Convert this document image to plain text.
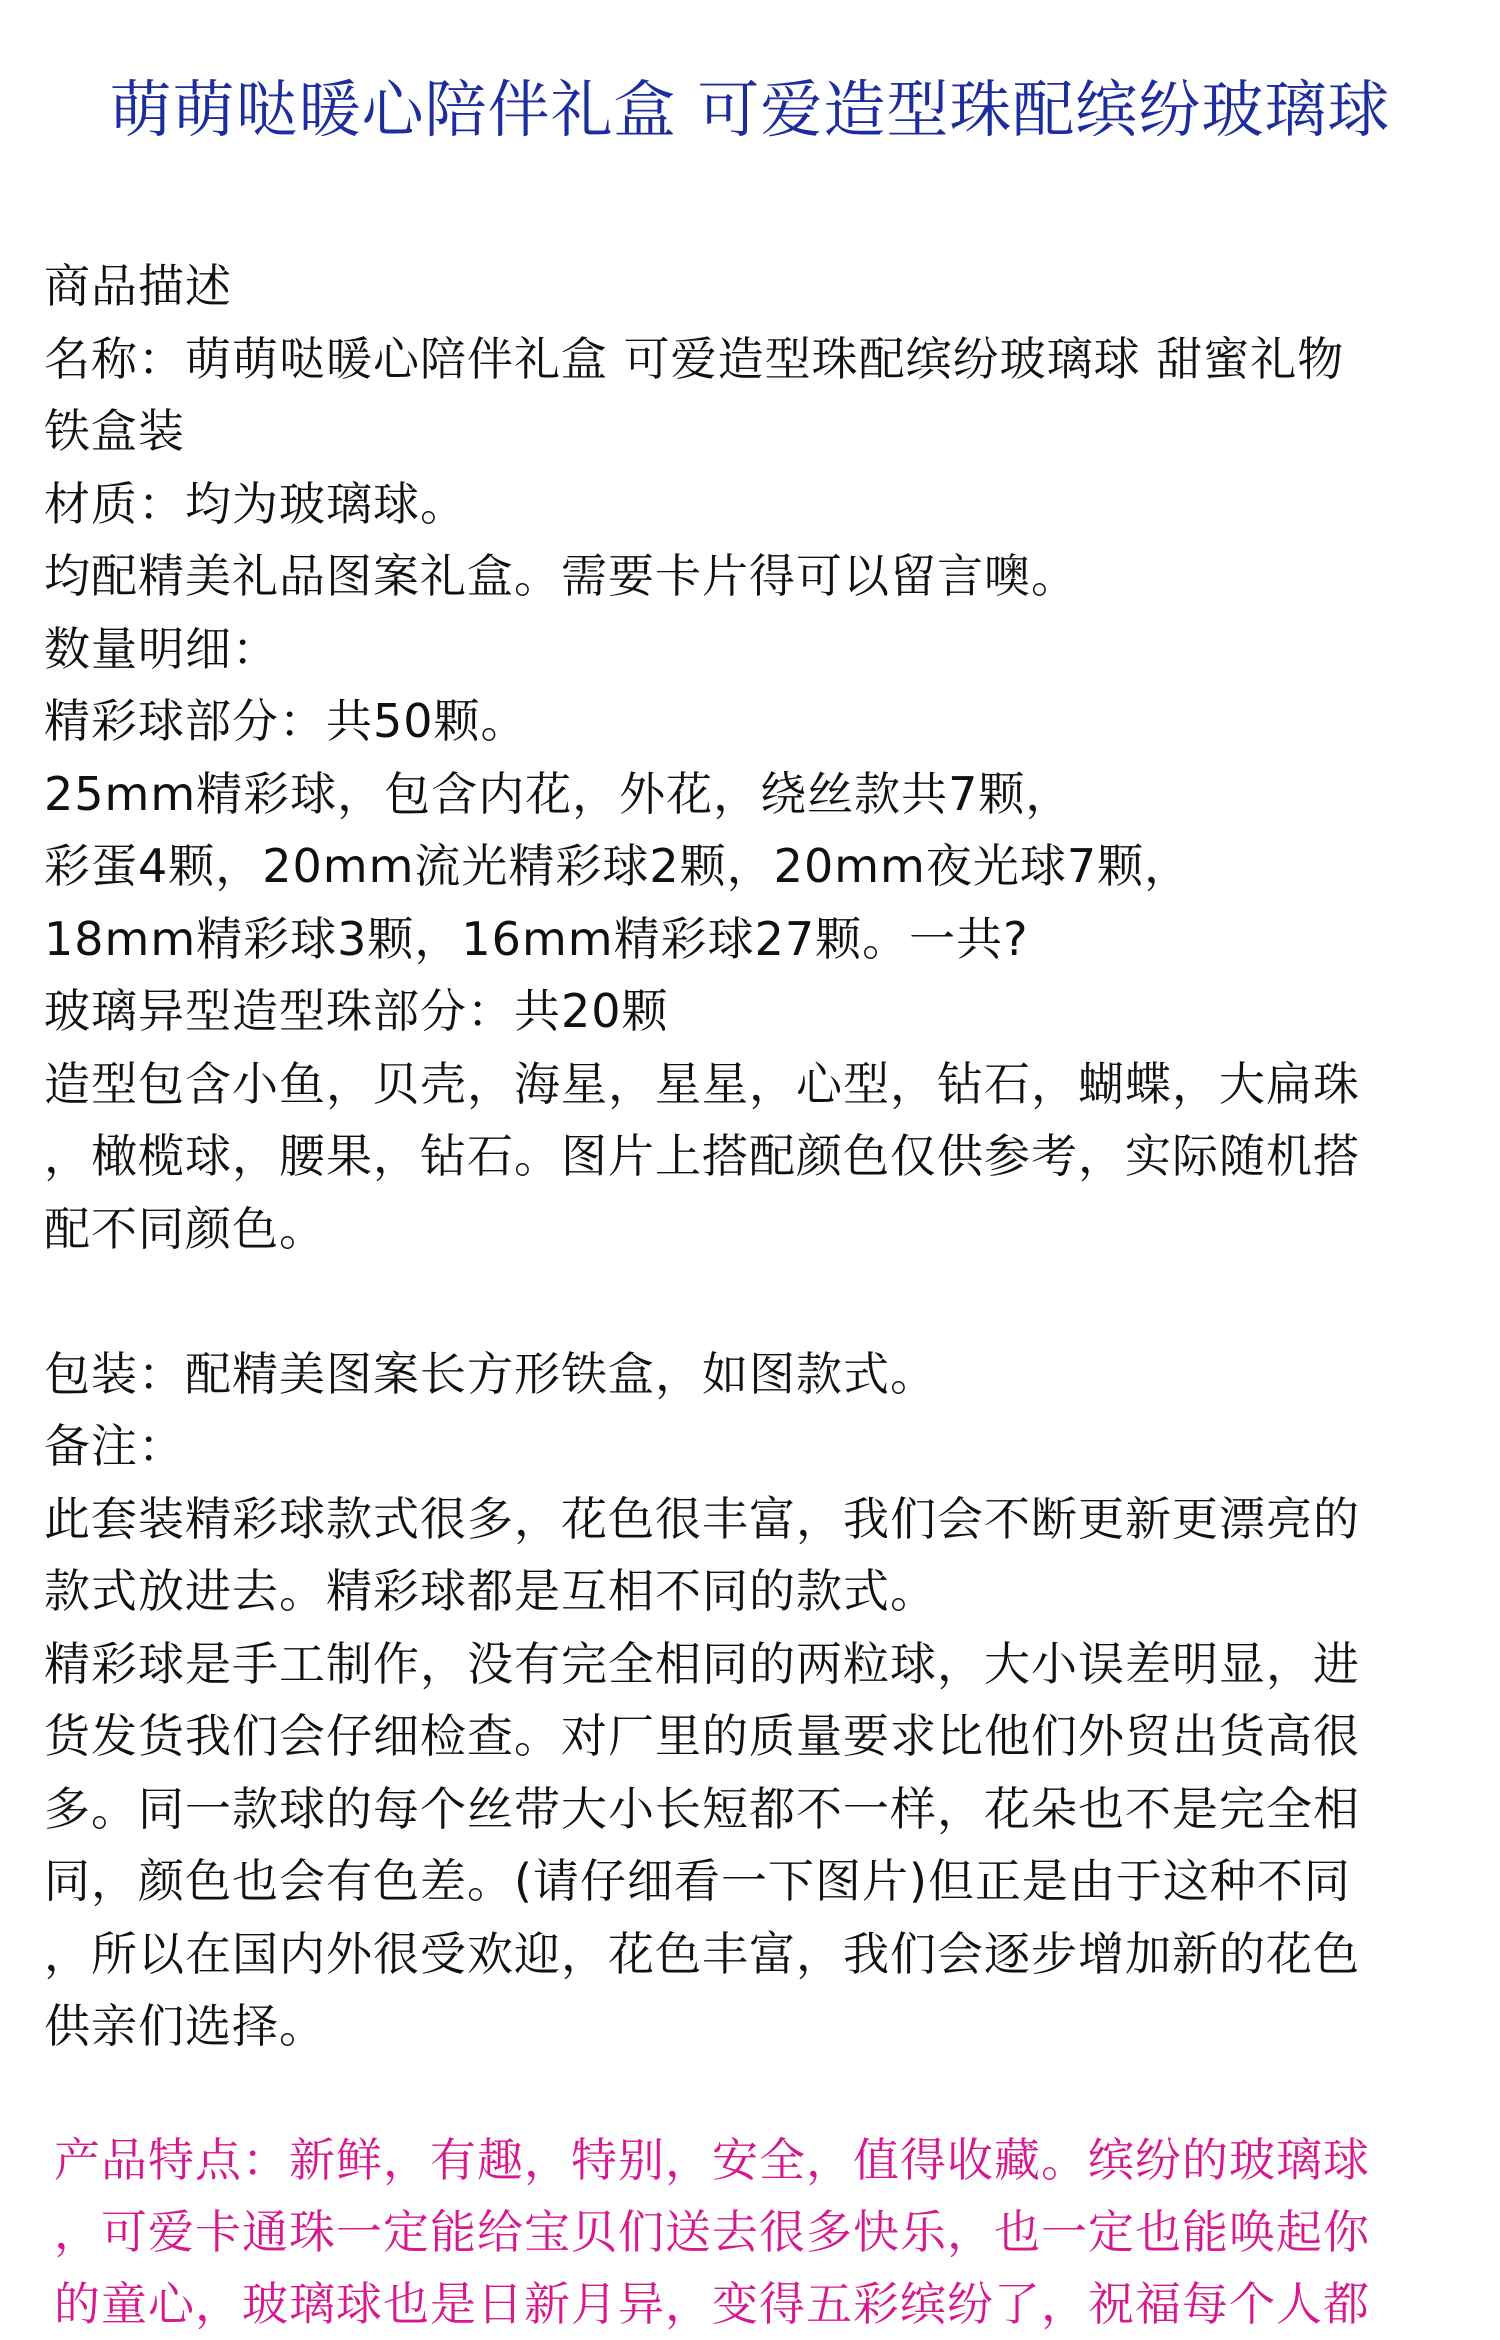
萌萌哒暖心陪伴礼盒 可爱造型珠配缤纷玻璃球
商品描述
名称：萌萌哒暖心陪伴礼盒 可爱造型珠配缤纷玻璃球 甜蜜礼物
铁盒装
材质：均为玻璃球。
均配精美礼品图案礼盒。需要卡片得可以留言噢。
数量明细：
精彩球部分：共50颗。
25mm精彩球，包含内花，外花，绕丝款共7颗，
彩蛋4颗，20mm流光精彩球2颗，20mm夜光球7颗，
18mm精彩球3颗，16mm精彩球27颗。一共?
玻璃异型造型珠部分：共20颗
造型包含小鱼，贝壳，海星，星星，心型，钻石，蝴蝶，大扁珠
，橄榄球，腰果，钻石。图片上搭配颜色仅供参考，实际随机搭
配不同颜色。
包装：配精美图案长方形铁盒，如图款式。
备注：
此套装精彩球款式很多，花色很丰富，我们会不断更新更漂亮的
款式放进去。精彩球都是互相不同的款式。
精彩球是手工制作，没有完全相同的两粒球，大小误差明显，进
货发货我们会仔细检查。对厂里的质量要求比他们外贸出货高很
多。同一款球的每个丝带大小长短都不一样，花朵也不是完全相
同，颜色也会有色差。(请仔细看一下图片)但正是由于这种不同
，所以在国内外很受欢迎，花色丰富，我们会逐步增加新的花色
供亲们选择。
产品特点：新鲜，有趣，特别，安全，值得收藏。缤纷的玻璃球
，可爱卡通珠一定能给宝贝们送去很多快乐，也一定也能唤起你
的童心，玻璃球也是日新月异，变得五彩缤纷了，祝福每个人都
